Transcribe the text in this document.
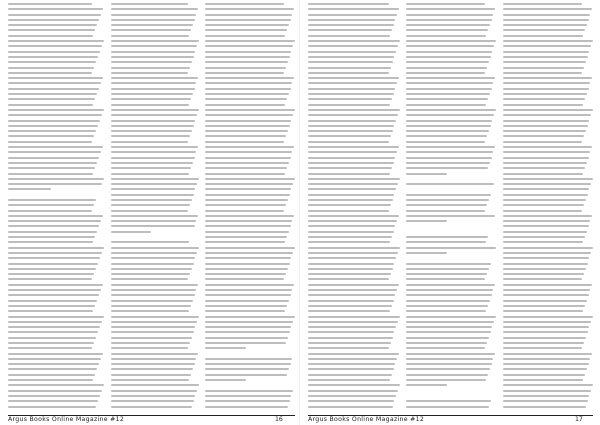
Argus Books Online Magazine #12	16	Argus Books Online Magazine #12	17
